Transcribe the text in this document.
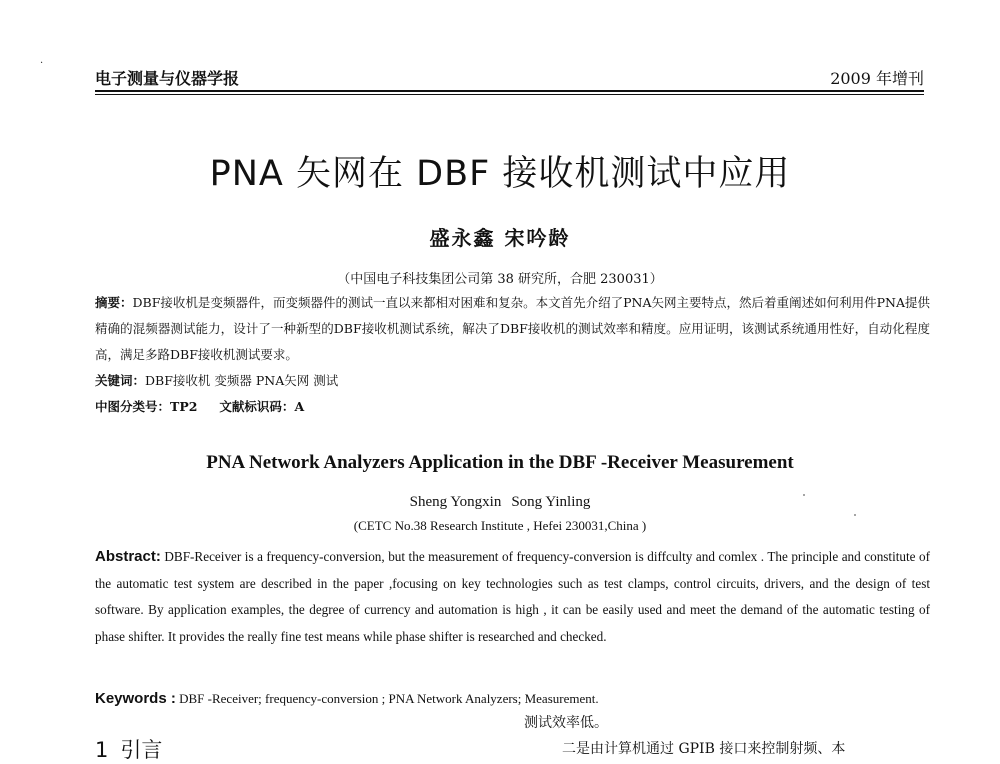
·
电子测量与仪器学报	2009 年增刊
PNA 矢网在 DBF 接收机测试中应用
盛永鑫 宋吟龄
（中国电子科技集团公司第 38 研究所，合肥 230031）
摘要：DBF接收机是变频器件，而变频器件的测试一直以来都相对困难和复杂。本文首先介绍了PNA矢网主要特点，然后着重阐述如何利用件PNA提供精确的混频器测试能力，设计了一种新型的DBF接收机测试系统，解决了DBF接收机的测试效率和精度。应用证明，该测试系统通用性好，自动化程度高，满足多路DBF接收机测试要求。
关键词：DBF接收机 变频器 PNA矢网 测试
中图分类号：TP2 文献标识码：A
PNA Network Analyzers Application in the DBF -Receiver Measurement
Sheng Yongxin Song Yinling
(CETC No.38 Research Institute , Hefei 230031,China )
Abstract: DBF-Receiver is a frequency-conversion, but the measurement of frequency-conversion is diffculty and comlex . The principle and constitute of the automatic test system are described in the paper ,focusing on key technologies such as test clamps, control circuits, drivers, and the design of test software. By application examples, the degree of currency and automation is high , it can be easily used and meet the demand of the automatic testing of phase shifter. It provides the really fine test means while phase shifter is researched and checked.
Keywords : DBF -Receiver; frequency-conversion ; PNA Network Analyzers; Measurement.
测试效率低。
1 引言	二是由计算机通过 GPIB 接口来控制射频、本
